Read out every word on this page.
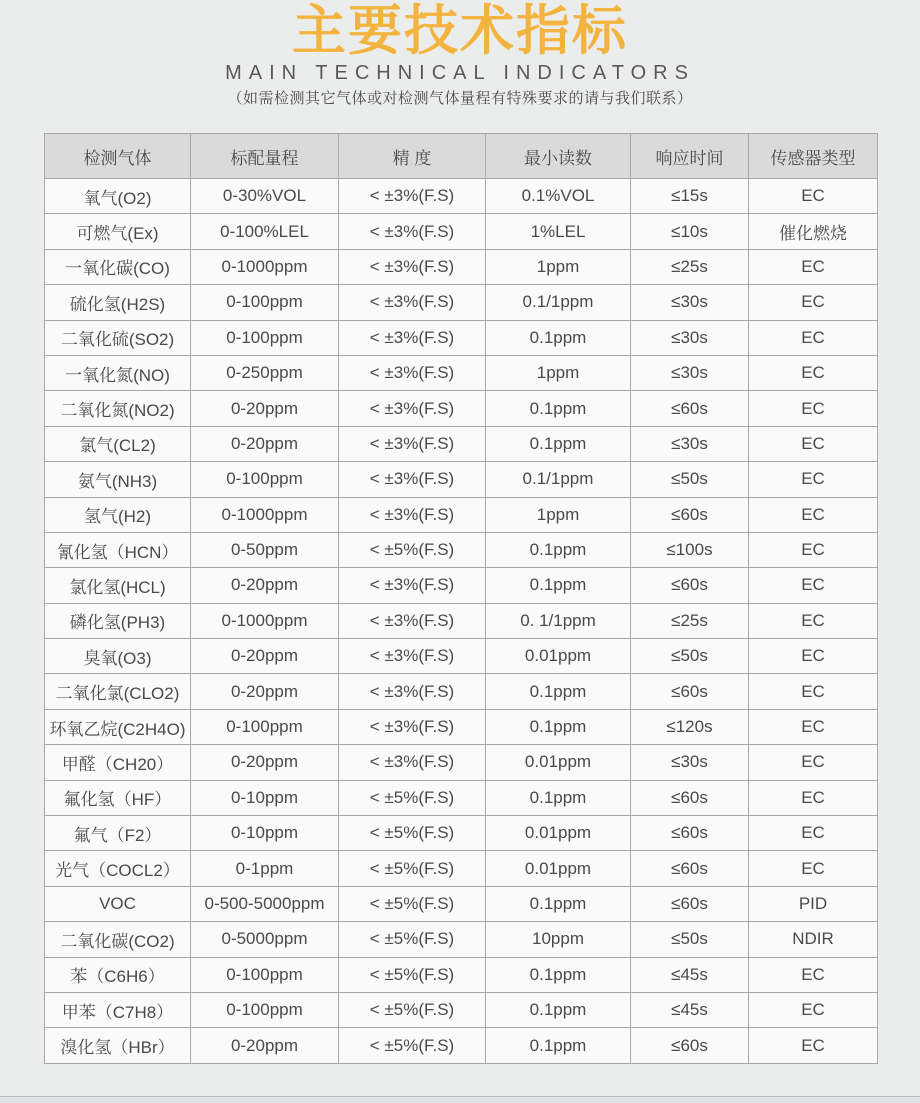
主要技术指标
MAIN TECHNICAL INDICATORS
（如需检测其它气体或对检测气体量程有特殊要求的请与我们联系）
检测气体	标配量程	精 度	最小读数	响应时间	传感器类型
氧气(O2)	0-30%VOL	< ±3%(F.S)	0.1%VOL	≤15s	EC
可燃气(Ex)	0-100%LEL	< ±3%(F.S)	1%LEL	≤10s	催化燃烧
一氧化碳(CO)	0-1000ppm	< ±3%(F.S)	1ppm	≤25s	EC
硫化氢(H2S)	0-100ppm	< ±3%(F.S)	0.1/1ppm	≤30s	EC
二氧化硫(SO2)	0-100ppm	< ±3%(F.S)	0.1ppm	≤30s	EC
一氧化氮(NO)	0-250ppm	< ±3%(F.S)	1ppm	≤30s	EC
二氧化氮(NO2)	0-20ppm	< ±3%(F.S)	0.1ppm	≤60s	EC
氯气(CL2)	0-20ppm	< ±3%(F.S)	0.1ppm	≤30s	EC
氨气(NH3)	0-100ppm	< ±3%(F.S)	0.1/1ppm	≤50s	EC
氢气(H2)	0-1000ppm	< ±3%(F.S)	1ppm	≤60s	EC
氰化氢（HCN）	0-50ppm	< ±5%(F.S)	0.1ppm	≤100s	EC
氯化氢(HCL)	0-20ppm	< ±3%(F.S)	0.1ppm	≤60s	EC
磷化氢(PH3)	0-1000ppm	< ±3%(F.S)	0. 1/1ppm	≤25s	EC
臭氧(O3)	0-20ppm	< ±3%(F.S)	0.01ppm	≤50s	EC
二氧化氯(CLO2)	0-20ppm	< ±3%(F.S)	0.1ppm	≤60s	EC
环氧乙烷(C2H4O)	0-100ppm	< ±3%(F.S)	0.1ppm	≤120s	EC
甲醛（CH20）	0-20ppm	< ±3%(F.S)	0.01ppm	≤30s	EC
氟化氢（HF）	0-10ppm	< ±5%(F.S)	0.1ppm	≤60s	EC
氟气（F2）	0-10ppm	< ±5%(F.S)	0.01ppm	≤60s	EC
光气（COCL2）	0-1ppm	< ±5%(F.S)	0.01ppm	≤60s	EC
VOC	0-500-5000ppm	< ±5%(F.S)	0.1ppm	≤60s	PID
二氧化碳(CO2)	0-5000ppm	< ±5%(F.S)	10ppm	≤50s	NDIR
苯（C6H6）	0-100ppm	< ±5%(F.S)	0.1ppm	≤45s	EC
甲苯（C7H8）	0-100ppm	< ±5%(F.S)	0.1ppm	≤45s	EC
溴化氢（HBr）	0-20ppm	< ±5%(F.S)	0.1ppm	≤60s	EC
